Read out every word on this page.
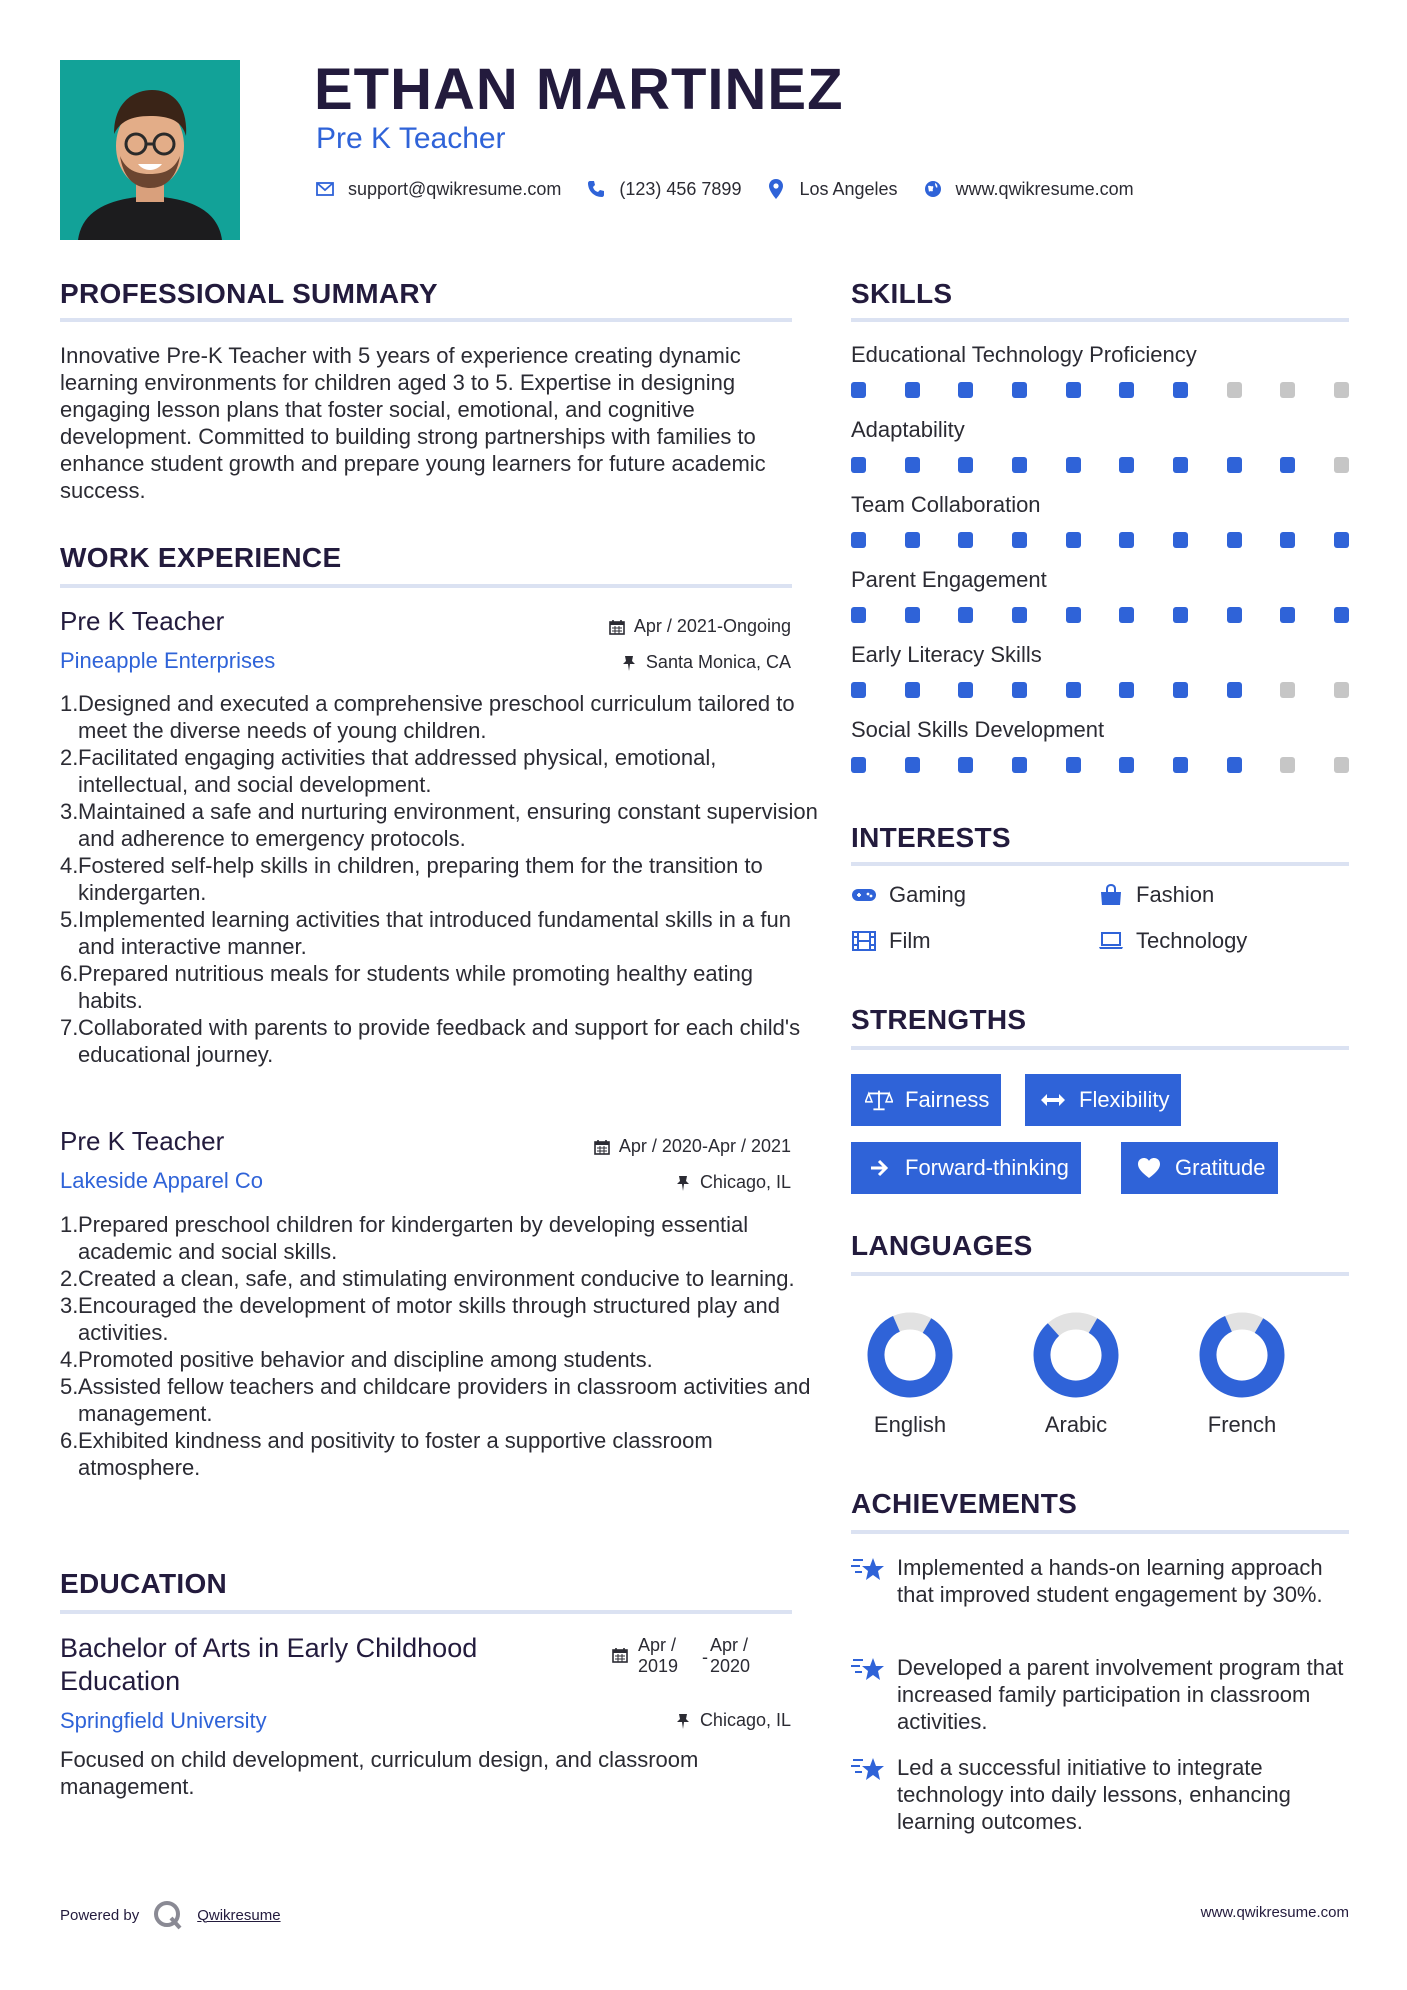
ETHAN MARTINEZ
Pre K Teacher
support@qwikresume.com	(123) 456 7899	Los Angeles	www.qwikresume.com
PROFESSIONAL SUMMARY
Innovative Pre-K Teacher with 5 years of experience creating dynamic learning environments for children aged 3 to 5. Expertise in designing engaging lesson plans that foster social, emotional, and cognitive development. Committed to building strong partnerships with families to enhance student growth and prepare young learners for future academic success.
WORK EXPERIENCE
Pre K Teacher	Apr / 2021-Ongoing
Pineapple Enterprises	Santa Monica, CA
Designed and executed a comprehensive preschool curriculum tailored to meet the diverse needs of young children.
Facilitated engaging activities that addressed physical, emotional, intellectual, and social development.
Maintained a safe and nurturing environment, ensuring constant supervision and adherence to emergency protocols.
Fostered self-help skills in children, preparing them for the transition to kindergarten.
Implemented learning activities that introduced fundamental skills in a fun and interactive manner.
Prepared nutritious meals for students while promoting healthy eating habits.
Collaborated with parents to provide feedback and support for each child's educational journey.
Pre K Teacher	Apr / 2020-Apr / 2021
Lakeside Apparel Co	Chicago, IL
Prepared preschool children for kindergarten by developing essential academic and social skills.
Created a clean, safe, and stimulating environment conducive to learning.
Encouraged the development of motor skills through structured play and activities.
Promoted positive behavior and discipline among students.
Assisted fellow teachers and childcare providers in classroom activities and management.
Exhibited kindness and positivity to foster a supportive classroom atmosphere.
EDUCATION
Bachelor of Arts in Early Childhood Education
Apr /
2019 -
Apr /
2020
Springfield University	Chicago, IL
Focused on child development, curriculum design, and classroom management.
SKILLS
Educational Technology Proficiency
Adaptability
Team Collaboration
Parent Engagement
Early Literacy Skills
Social Skills Development
INTERESTS
Gaming	Fashion
Film	Technology
STRENGTHS
Fairness	Flexibility
Forward-thinking	Gratitude
LANGUAGES
English	Arabic	French
ACHIEVEMENTS
Implemented a hands-on learning approach that improved student engagement by 30%.
Developed a parent involvement program that increased family participation in classroom activities.
Led a successful initiative to integrate technology into daily lessons, enhancing learning outcomes.
Powered by	Qwikresume	www.qwikresume.com
